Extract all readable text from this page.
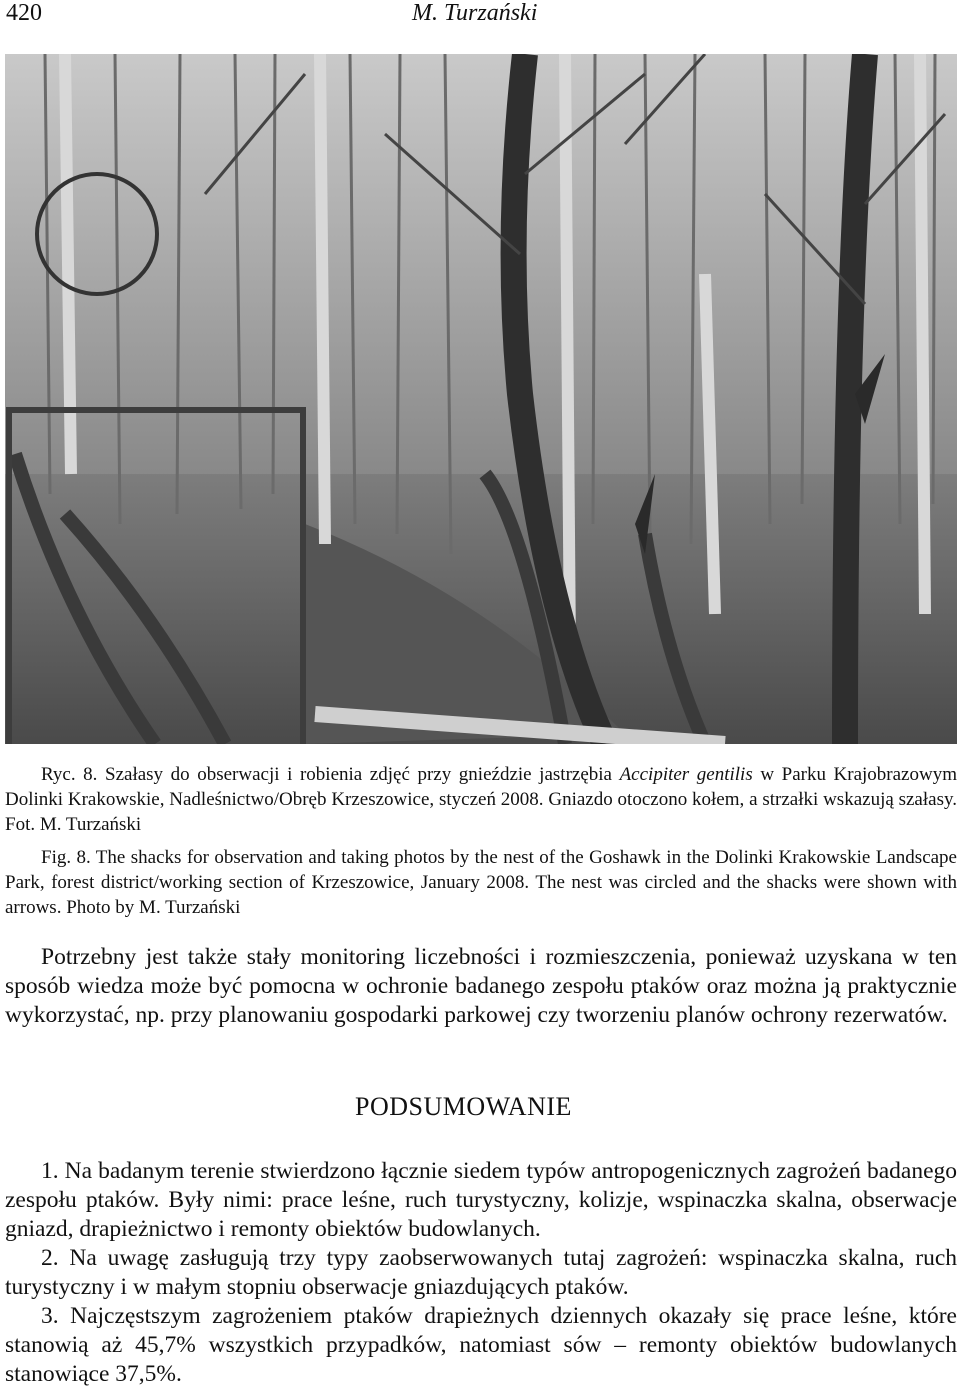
420	M. Turzański

Ryc. 8. Szałasy do obserwacji i robienia zdjęć przy gnieździe jastrzębia Accipiter gentilis w Parku Krajobrazowym Dolinki Krakowskie, Nadleśnictwo/Obręb Krzeszowice, styczeń 2008. Gniazdo otoczono kołem, a strzałki wskazują szałasy. Fot. M. Turzański

Fig. 8. The shacks for observation and taking photos by the nest of the Goshawk in the Dolinki Krakowskie Landscape Park, forest district/working section of Krzeszowice, January 2008. The nest was circled and the shacks were shown with arrows. Photo by M. Turzański

Potrzebny jest także stały monitoring liczebności i rozmieszczenia, ponieważ uzyskana w ten sposób wiedza może być pomocna w ochronie badanego zespołu ptaków oraz można ją praktycznie wykorzystać, np. przy planowaniu gospodarki parkowej czy tworzeniu planów ochrony rezerwatów.

PODSUMOWANIE

1. Na badanym terenie stwierdzono łącznie siedem typów antropogenicznych zagrożeń badanego zespołu ptaków. Były nimi: prace leśne, ruch turystyczny, kolizje, wspinaczka skalna, obserwacje gniazd, drapieżnictwo i remonty obiektów budowlanych.

2. Na uwagę zasługują trzy typy zaobserwowanych tutaj zagrożeń: wspinaczka skalna, ruch turystyczny i w małym stopniu obserwacje gniazdujących ptaków.

3. Najczęstszym zagrożeniem ptaków drapieżnych dziennych okazały się prace leśne, które stanowią aż 45,7% wszystkich przypadków, natomiast sów – remonty obiektów budowlanych stanowiące 37,5%.
